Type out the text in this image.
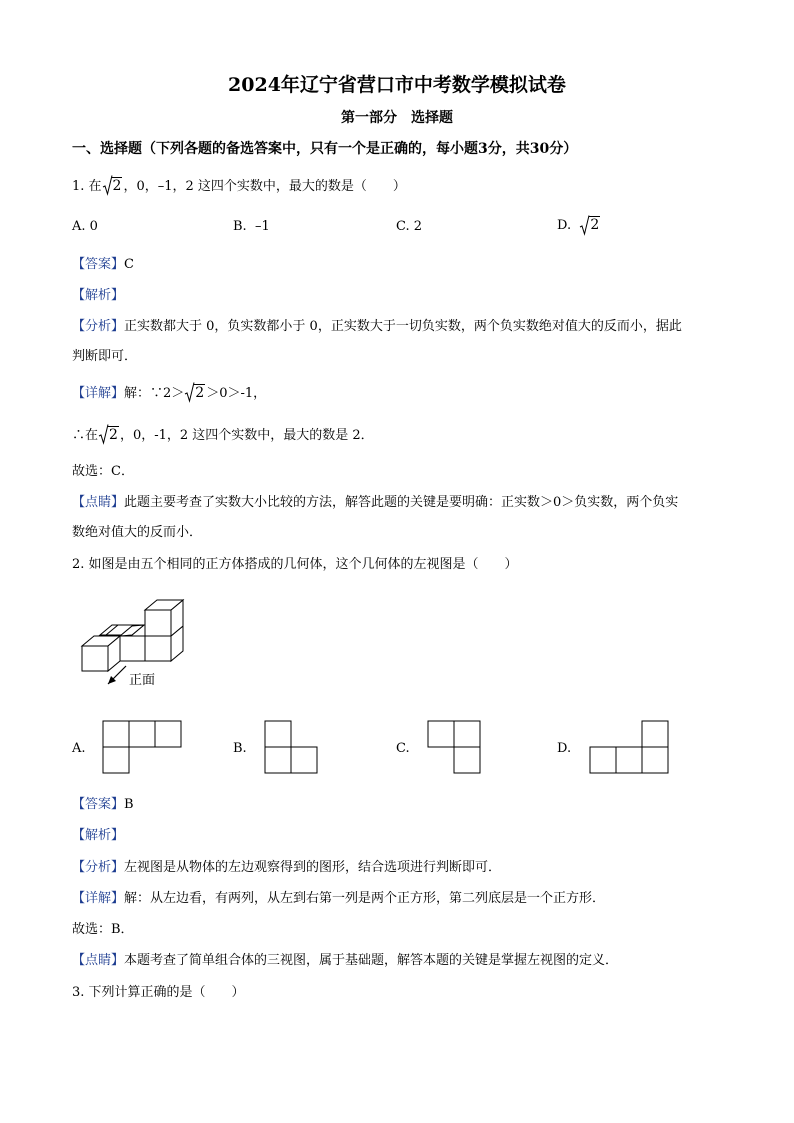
2024年辽宁省营口市中考数学模拟试卷
第一部分　选择题
一、选择题（下列各题的备选答案中，只有一个是正确的，每小题3分，共30分）
1. 在 2 ，0，–1，2 这四个实数中，最大的数是（　　）
A. 0	B. –1	C. 2	D. 2
【答案】C
【解析】
【分析】正实数都大于 0，负实数都小于 0，正实数大于一切负实数，两个负实数绝对值大的反而小，据此
判断即可．
【详解】解：∵2＞ 2 ＞0＞-1，
∴在 2 ，0，-1，2 这四个实数中，最大的数是 2．
故选：C．
【点睛】此题主要考查了实数大小比较的方法，解答此题的关键是要明确：正实数＞0＞负实数，两个负实
数绝对值大的反而小．
2. 如图是由五个相同的正方体搭成的几何体，这个几何体的左视图是（　　）
正面
A.	B.	C.	D.
【答案】B
【解析】
【分析】左视图是从物体的左边观察得到的图形，结合选项进行判断即可．
【详解】解：从左边看，有两列，从左到右第一列是两个正方形，第二列底层是一个正方形．
故选：B．
【点睛】本题考查了简单组合体的三视图，属于基础题，解答本题的关键是掌握左视图的定义．
3. 下列计算正确的是（　　）
